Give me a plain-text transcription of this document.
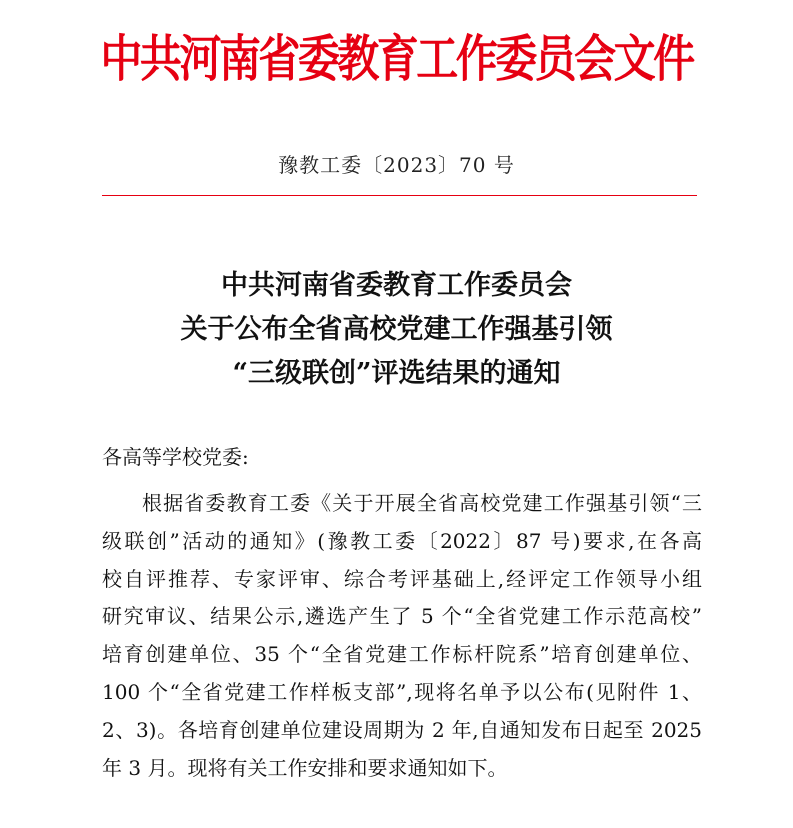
中共河南省委教育工作委员会文件
豫教工委〔2023〕70 号
中共河南省委教育工作委员会
关于公布全省高校党建工作强基引领
“三级联创”评选结果的通知
各高等学校党委:
根据省委教育工委《关于开展全省高校党建工作强基引领“三
级联创”活动的通知》(豫教工委〔2022〕87 号)要求,在各高
校自评推荐、专家评审、综合考评基础上,经评定工作领导小组
研究审议、结果公示,遴选产生了 5 个“全省党建工作示范高校”
培育创建单位、35 个“全省党建工作标杆院系”培育创建单位、
100 个“全省党建工作样板支部”,现将名单予以公布(见附件 1、
2、3)。各培育创建单位建设周期为 2 年,自通知发布日起至 2025
年 3 月。现将有关工作安排和要求通知如下。
